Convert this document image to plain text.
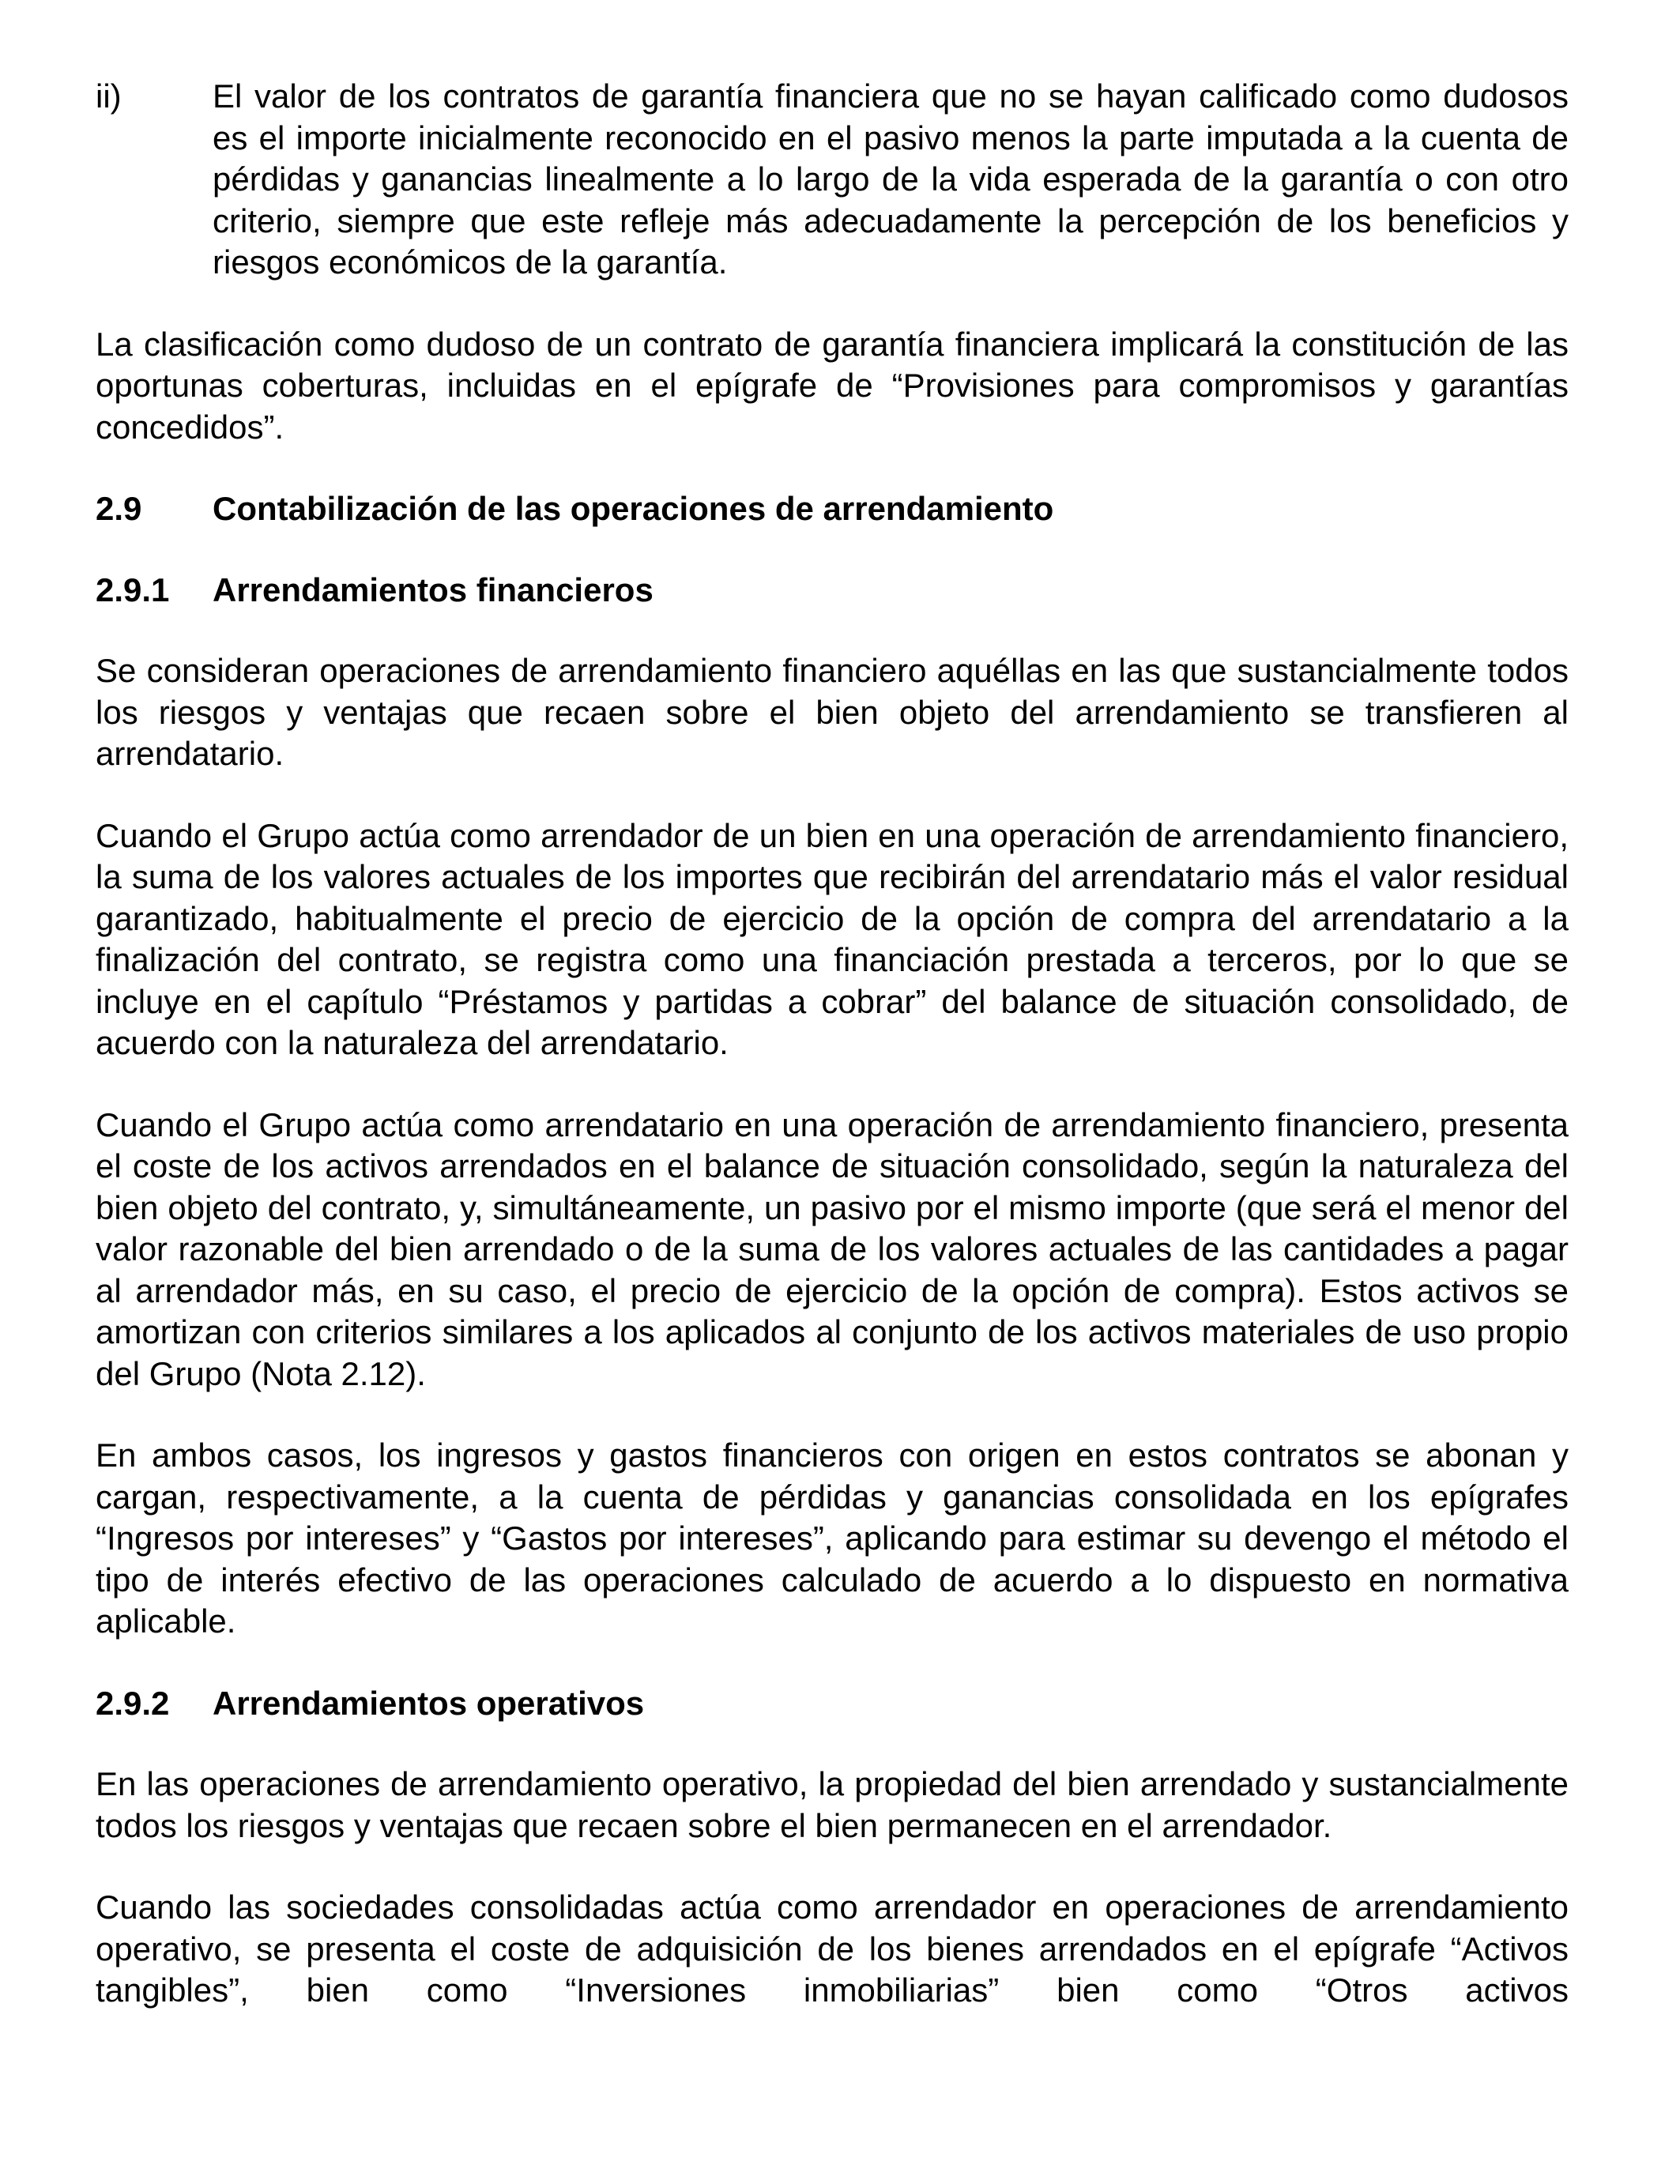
ii)	El valor de los contratos de garantía financiera que no se hayan calificado como dudosos es el importe inicialmente reconocido en el pasivo menos la parte imputada a la cuenta de pérdidas y ganancias linealmente a lo largo de la vida esperada de la garantía o con otro criterio, siempre que este refleje más adecuadamente la percepción de los beneficios y riesgos económicos de la garantía.

La clasificación como dudoso de un contrato de garantía financiera implicará la constitución de las oportunas coberturas, incluidas en el epígrafe de “Provisiones para compromisos y garantías concedidos”.

2.9	Contabilización de las operaciones de arrendamiento
2.9.1	Arrendamientos financieros

Se consideran operaciones de arrendamiento financiero aquéllas en las que sustancialmente todos los riesgos y ventajas que recaen sobre el bien objeto del arrendamiento se transfieren al arrendatario.

Cuando el Grupo actúa como arrendador de un bien en una operación de arrendamiento financiero, la suma de los valores actuales de los importes que recibirán del arrendatario más el valor residual garantizado, habitualmente el precio de ejercicio de la opción de compra del arrendatario a la finalización del contrato, se registra como una financiación prestada a terceros, por lo que se incluye en el capítulo “Préstamos y partidas a cobrar” del balance de situación consolidado, de acuerdo con la naturaleza del arrendatario.

Cuando el Grupo actúa como arrendatario en una operación de arrendamiento financiero, presenta el coste de los activos arrendados en el balance de situación consolidado, según la naturaleza del bien objeto del contrato, y, simultáneamente, un pasivo por el mismo importe (que será el menor del valor razonable del bien arrendado o de la suma de los valores actuales de las cantidades a pagar al arrendador más, en su caso, el precio de ejercicio de la opción de compra). Estos activos se amortizan con criterios similares a los aplicados al conjunto de los activos materiales de uso propio del Grupo (Nota 2.12).

En ambos casos, los ingresos y gastos financieros con origen en estos contratos se abonan y cargan, respectivamente, a la cuenta de pérdidas y ganancias consolidada en los epígrafes “Ingresos por intereses” y “Gastos por intereses”, aplicando para estimar su devengo el método el tipo de interés efectivo de las operaciones calculado de acuerdo a lo dispuesto en normativa aplicable.

2.9.2	Arrendamientos operativos

En las operaciones de arrendamiento operativo, la propiedad del bien arrendado y sustancialmente todos los riesgos y ventajas que recaen sobre el bien permanecen en el arrendador.

Cuando las sociedades consolidadas actúa como arrendador en operaciones de arrendamiento operativo, se presenta el coste de adquisición de los bienes arrendados en el epígrafe “Activos tangibles”, bien como “Inversiones inmobiliarias” bien como “Otros activos
